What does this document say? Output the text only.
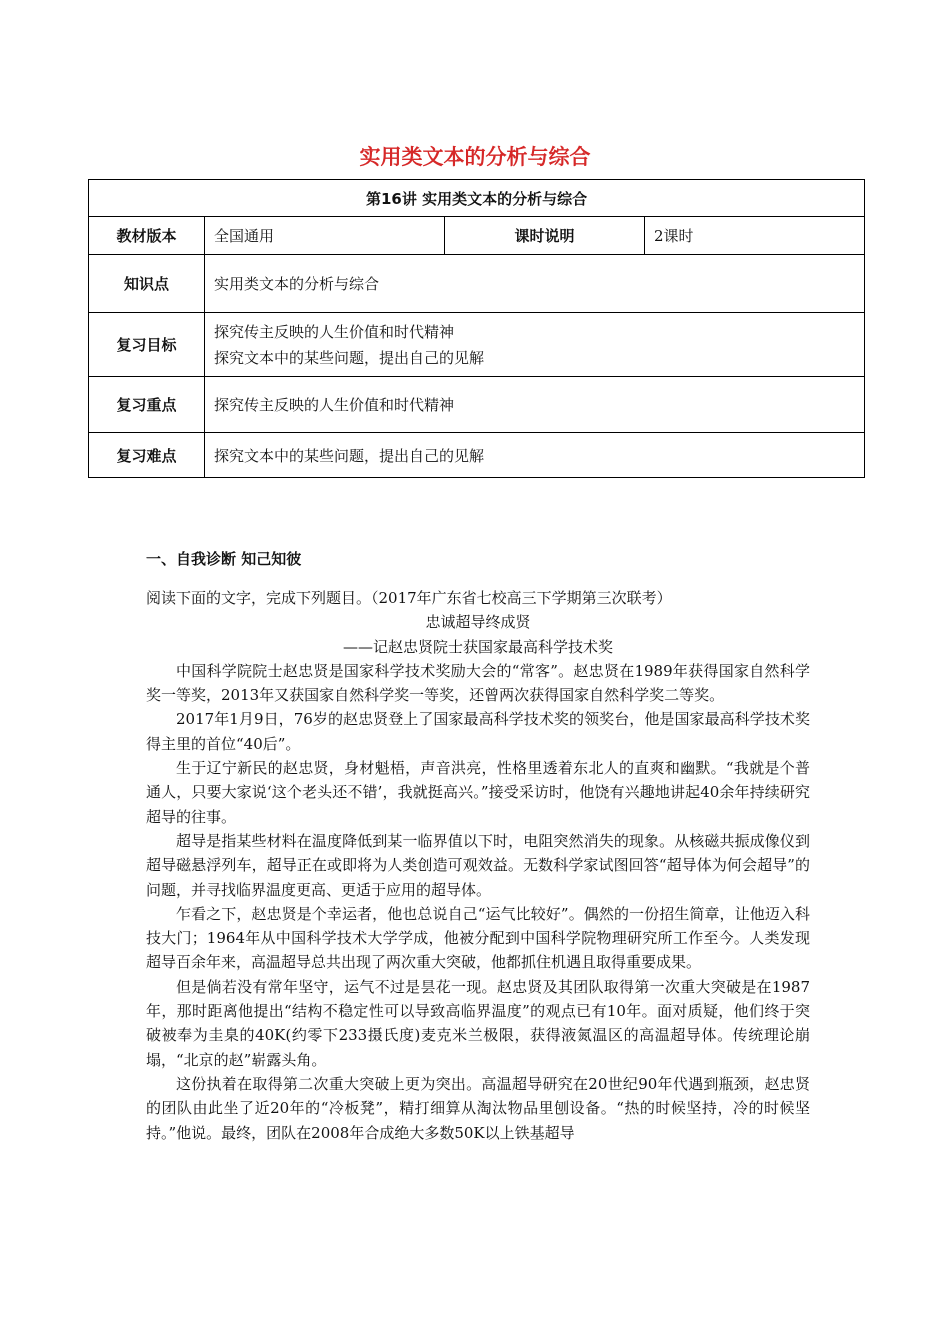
实用类文本的分析与综合
第16讲 实用类文本的分析与综合			
教材版本	全国通用	课时说明	2课时
知识点	实用类文本的分析与综合		
复习目标	探究传主反映的人生价值和时代精神
探究文本中的某些问题，提出自己的见解		

复习重点	探究传主反映的人生价值和时代精神		
复习难点	探究文本中的某些问题，提出自己的见解		
一、自我诊断 知己知彼

阅读下面的文字，完成下列题目。（2017年广东省七校高三下学期第三次联考）

忠诚超导终成贤

——记赵忠贤院士获国家最高科学技术奖

中国科学院院士赵忠贤是国家科学技术奖励大会的“常客”。赵忠贤在1989年获得国家自然科学奖一等奖，2013年又获国家自然科学奖一等奖，还曾两次获得国家自然科学奖二等奖。

2017年1月9日，76岁的赵忠贤登上了国家最高科学技术奖的领奖台，他是国家最高科学技术奖得主里的首位“40后”。

生于辽宁新民的赵忠贤，身材魁梧，声音洪亮，性格里透着东北人的直爽和幽默。“我就是个普通人，只要大家说‘这个老头还不错’，我就挺高兴。”接受采访时，他饶有兴趣地讲起40余年持续研究超导的往事。

超导是指某些材料在温度降低到某一临界值以下时，电阻突然消失的现象。从核磁共振成像仪到超导磁悬浮列车，超导正在或即将为人类创造可观效益。无数科学家试图回答“超导体为何会超导”的问题，并寻找临界温度更高、更适于应用的超导体。

乍看之下，赵忠贤是个幸运者，他也总说自己“运气比较好”。偶然的一份招生简章，让他迈入科技大门；1964年从中国科学技术大学学成，他被分配到中国科学院物理研究所工作至今。人类发现超导百余年来，高温超导总共出现了两次重大突破，他都抓住机遇且取得重要成果。

但是倘若没有常年坚守，运气不过是昙花一现。赵忠贤及其团队取得第一次重大突破是在1987年，那时距离他提出“结构不稳定性可以导致高临界温度”的观点已有10年。面对质疑，他们终于突破被奉为圭臬的40K(约零下233摄氏度)麦克米兰极限，获得液氮温区的高温超导体。传统理论崩塌，“北京的赵”崭露头角。

这份执着在取得第二次重大突破上更为突出。高温超导研究在20世纪90年代遇到瓶颈，赵忠贤的团队由此坐了近20年的“冷板凳”，精打细算从淘汰物品里刨设备。“热的时候坚持，冷的时候坚持。”他说。最终，团队在2008年合成绝大多数50K以上铁基超导
